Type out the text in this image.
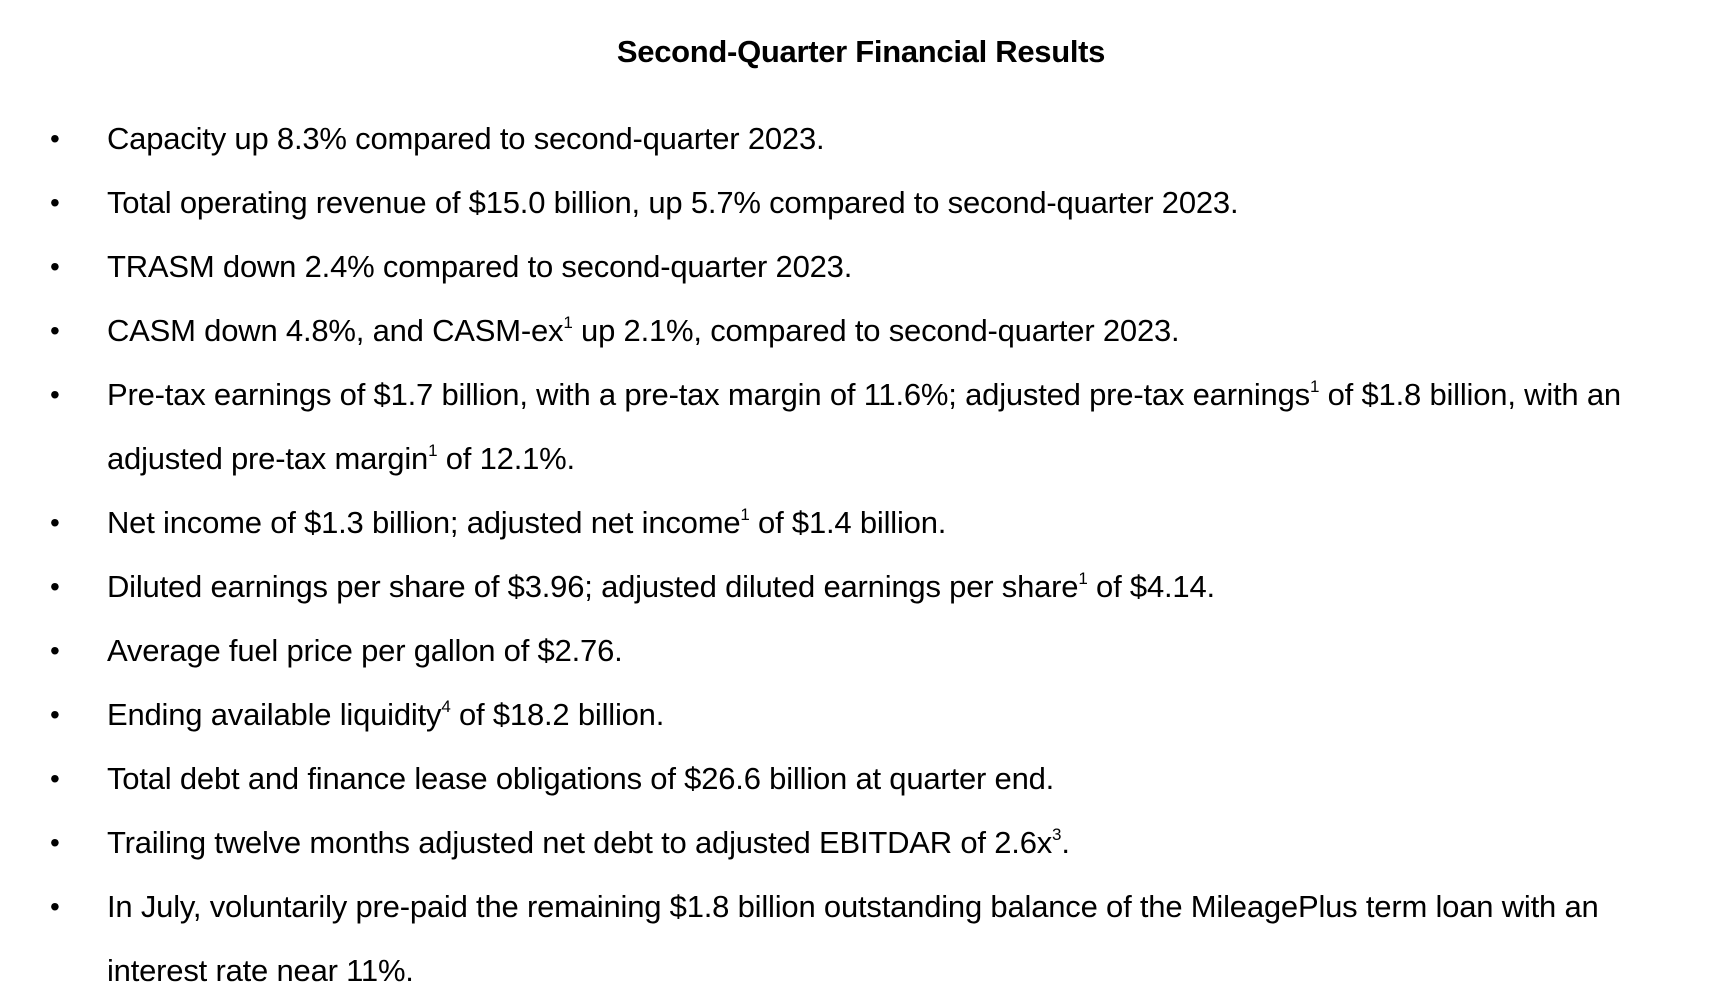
Second-Quarter Financial Results
• Capacity up 8.3% compared to second-quarter 2023.
• Total operating revenue of $15.0 billion, up 5.7% compared to second-quarter 2023.
• TRASM down 2.4% compared to second-quarter 2023.
• CASM down 4.8%, and CASM-$ex^1$ up 2.1%, compared to second-quarter 2023.
• Pre-tax earnings of $1.7 billion, with a pre-tax margin of 11.6%; adjusted pre-tax earnings$^1$ of $1.8 billion, with an adjusted pre-tax margin$^1$ of 12.1%.
• Net income of $1.3 billion; adjusted net income$^1$ of $1.4 billion.
• Diluted earnings per share of $3.96; adjusted diluted earnings per share$^1$ of $4.14.
• Average fuel price per gallon of $2.76.
• Ending available liquidity$^4$ of $18.2 billion.
• Total debt and finance lease obligations of $26.6 billion at quarter end.
• Trailing twelve months adjusted net debt to adjusted EBITDAR of $2.6x^3$.
• In July, voluntarily pre-paid the remaining $1.8 billion outstanding balance of the MileagePlus term loan with an interest rate near 11%.
